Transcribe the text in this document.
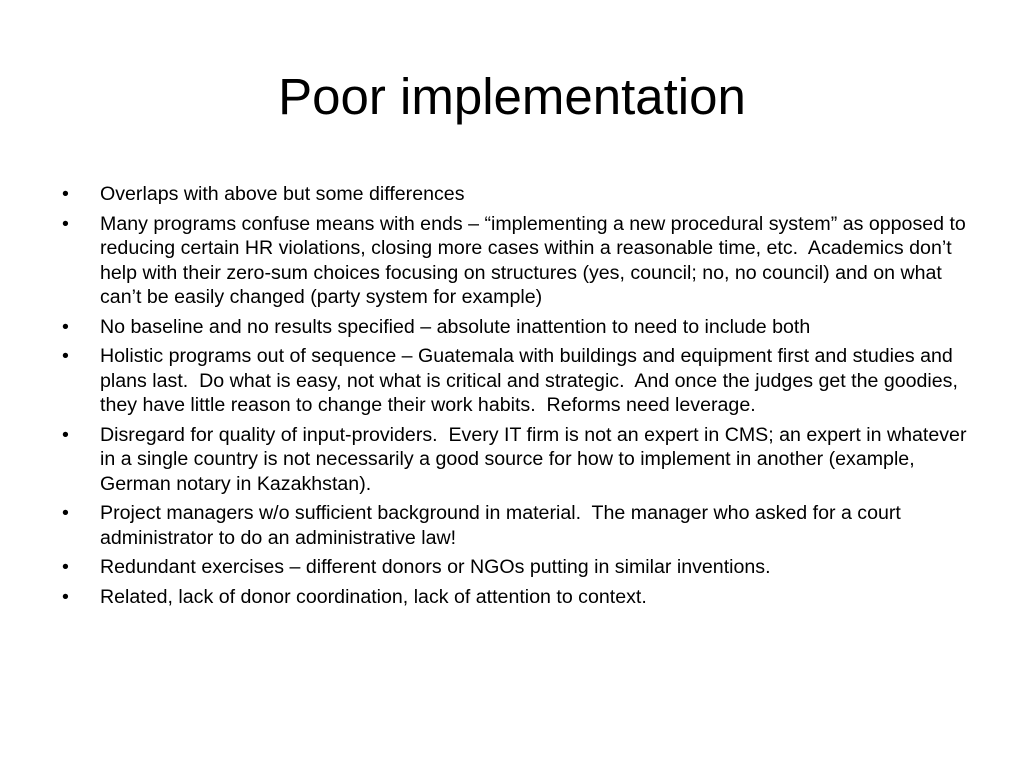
Poor implementation
•	Overlaps with above but some differences
•	Many programs confuse means with ends – “implementing a new procedural system” as opposed to reducing certain HR violations, closing more cases within a reasonable time, etc.  Academics don’t help with their zero-sum choices focusing on structures (yes, council; no, no council) and on what can’t be easily changed (party system for example)
•	No baseline and no results specified – absolute inattention to need to include both
•	Holistic programs out of sequence – Guatemala with buildings and equipment first and studies and plans last.  Do what is easy, not what is critical and strategic.  And once the judges get the goodies, they have little reason to change their work habits.  Reforms need leverage.
•	Disregard for quality of input-providers.  Every IT firm is not an expert in CMS; an expert in whatever in a single country is not necessarily a good source for how to implement in another (example, German notary in Kazakhstan).
•	Project managers w/o sufficient background in material.  The manager who asked for a court administrator to do an administrative law!
•	Redundant exercises – different donors or NGOs putting in similar inventions.
•	Related, lack of donor coordination, lack of attention to context.
